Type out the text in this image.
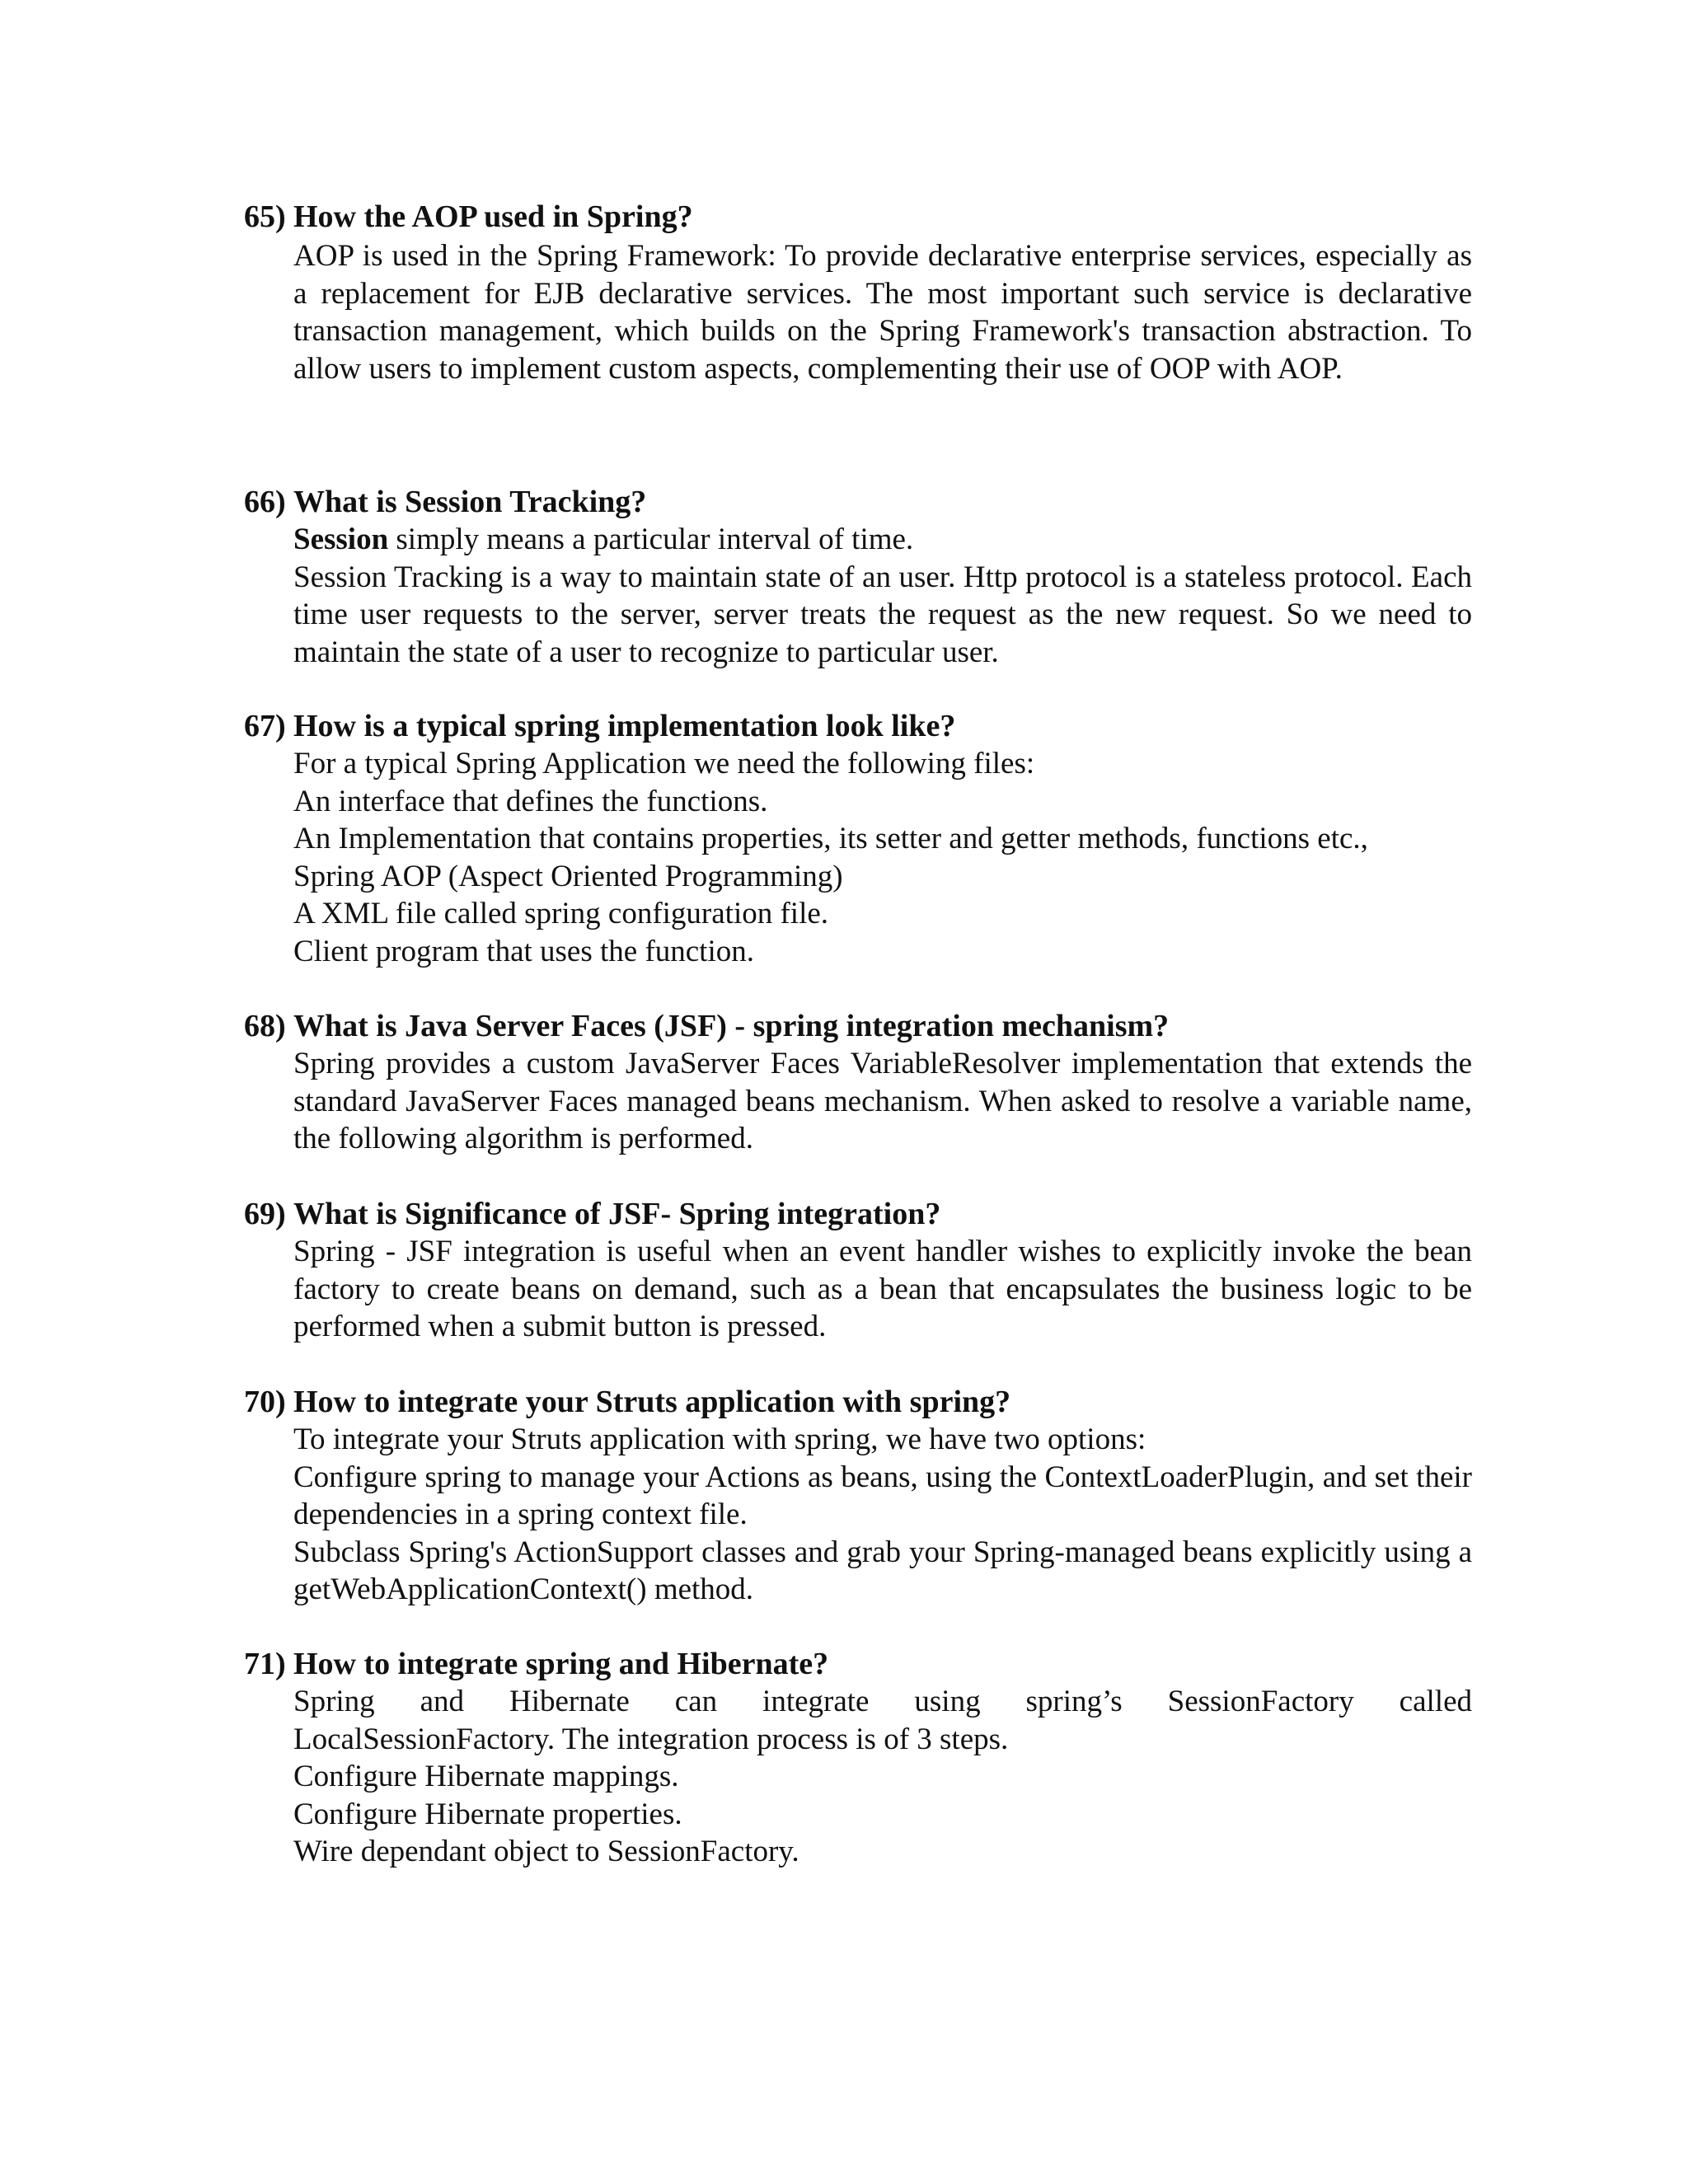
65) How the AOP used in Spring?

AOP is used in the Spring Framework: To provide declarative enterprise services, especially as a replacement for EJB declarative services. The most important such service is declarative transaction management, which builds on the Spring Framework's transaction abstraction. To allow users to implement custom aspects, complementing their use of OOP with AOP.

66) What is Session Tracking?

Session simply means a particular interval of time.

Session Tracking is a way to maintain state of an user. Http protocol is a stateless protocol. Each time user requests to the server, server treats the request as the new request. So we need to maintain the state of a user to recognize to particular user.

67) How is a typical spring implementation look like?

For a typical Spring Application we need the following files:

An interface that defines the functions.

An Implementation that contains properties, its setter and getter methods, functions etc.,

Spring AOP (Aspect Oriented Programming)

A XML file called spring configuration file.

Client program that uses the function.

68) What is Java Server Faces (JSF) - spring integration mechanism?

Spring provides a custom JavaServer Faces VariableResolver implementation that extends the standard JavaServer Faces managed beans mechanism. When asked to resolve a variable name, the following algorithm is performed.

69) What is Significance of JSF- Spring integration?

Spring - JSF integration is useful when an event handler wishes to explicitly invoke the bean factory to create beans on demand, such as a bean that encapsulates the business logic to be performed when a submit button is pressed.

70) How to integrate your Struts application with spring?

To integrate your Struts application with spring, we have two options:

Configure spring to manage your Actions as beans, using the ContextLoaderPlugin, and set their dependencies in a spring context file.

Subclass Spring's ActionSupport classes and grab your Spring-managed beans explicitly using a getWebApplicationContext() method.

71) How to integrate spring and Hibernate?

Spring and Hibernate can integrate using spring’s SessionFactory called

LocalSessionFactory. The integration process is of 3 steps.

Configure Hibernate mappings.

Configure Hibernate properties.

Wire dependant object to SessionFactory.
